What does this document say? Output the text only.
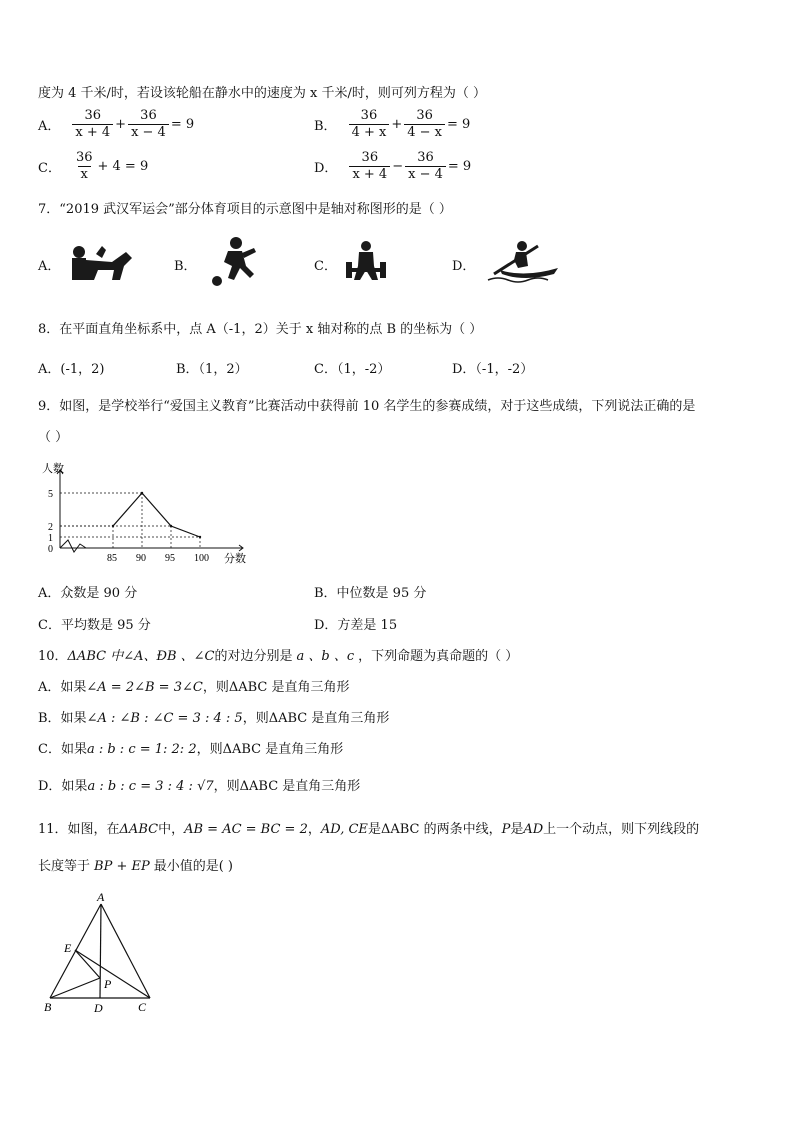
度为 4 千米/时，若设该轮船在静水中的速度为 x 千米/时，则可列方程为（ ）
A． $\frac{36}{x + 4} + \frac{36}{x - 4} = 9$	B． $\frac{36}{4 + x} + \frac{36}{4 - x} = 9$
C． $\frac{36}{x} + 4 = 9$	D． $\frac{36}{x + 4} - \frac{36}{x - 4} = 9$
7．“2019 武汉军运会”部分体育项目的示意图中是轴对称图形的是（ ）
A．	B．	C．	D．
8．在平面直角坐标系中，点 A（-1，2）关于 x 轴对称的点 B 的坐标为（ ）
A．(-1，2)	B．（1，2）	C．（1，-2）	D．（-1，-2）
9．如图，是学校举行“爱国主义教育”比赛活动中获得前 10 名学生的参赛成绩，对于这些成绩，下列说法正确的是
（ ）
人数
分数
0
1
2
5
85 90 95 100
A．众数是 90 分	B．中位数是 95 分
C．平均数是 95 分	D．方差是 15
10．ΔABC 中∠A、ÐB 、∠C的对边分别是 a 、b 、c ，下列命题为真命题的（ ）
A．如果∠A = 2∠B = 3∠C，则ΔABC 是直角三角形
B．如果∠A : ∠B : ∠C = 3 : 4 : 5，则ΔABC 是直角三角形
C．如果a : b : c = 1: 2: 2，则ΔABC 是直角三角形
D．如果a : b : c = 3 : 4 : √7，则ΔABC 是直角三角形
11．如图，在ΔABC中，AB = AC = BC = 2，AD, CE是ΔABC 的两条中线，P是AD上一个动点，则下列线段的
长度等于 BP + EP 最小值的是( )
A
E
P
B	D	C
